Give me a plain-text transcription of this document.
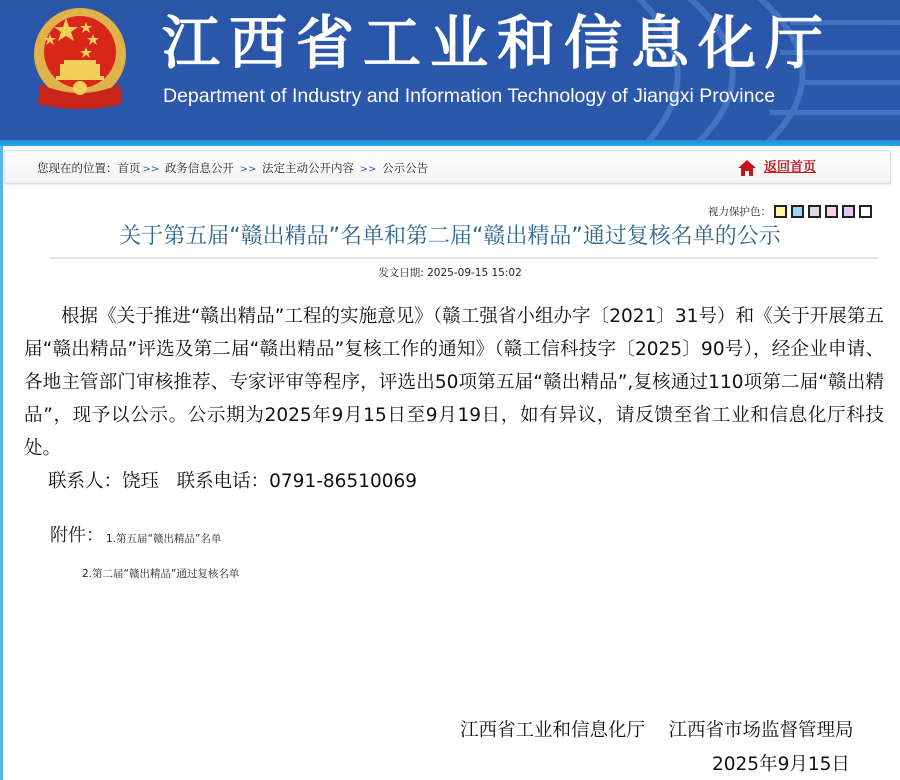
江西省工业和信息化厅
Department of Industry and Information Technology of Jiangxi Province
您现在的位置：首页 >> 政务信息公开 >> 法定主动公开内容 >> 公示公告	返回首页
视力保护色：
关于第五届“赣出精品”名单和第二届“赣出精品”通过复核名单的公示
发文日期: 2025-09-15 15:02

根据《关于推进“赣出精品”工程的实施意见》（赣工强省小组办字〔2021〕31号）和《关于开展第五届“赣出精品”评选及第二届“赣出精品”复核工作的通知》（赣工信科技字〔2025〕90号），经企业申请、各地主管部门审核推荐、专家评审等程序，评选出50项第五届“赣出精品”,复核通过110项第二届“赣出精品”，现予以公示。公示期为2025年9月15日至9月19日，如有异议，请反馈至省工业和信息化厅科技处。

联系人：饶珏   联系电话：0791-86510069

附件： 1.第五届“赣出精品”名单
2.第二届“赣出精品”通过复核名单
江西省工业和信息化厅    江西省市场监督管理局
2025年9月15日
